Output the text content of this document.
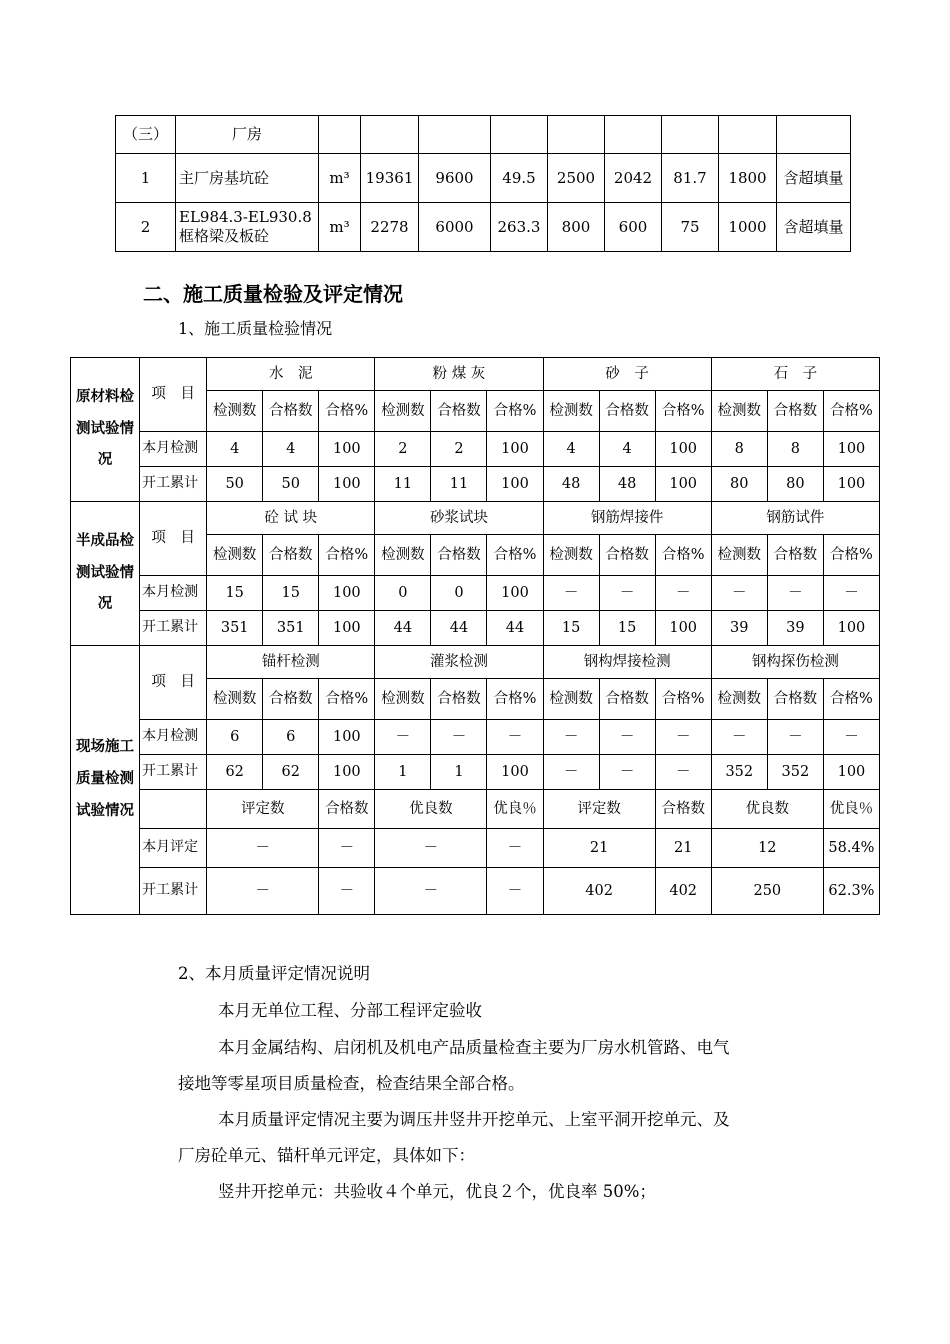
（三）	厂房									
1	主厂房基坑砼	m³	19361	9600	49.5	2500	2042	81.7	1800	含超填量
2	EL984.3-EL930.8框格梁及板砼	m³	2278	6000	263.3	800	600	75	1000	含超填量
二、施工质量检验及评定情况
1、施工质量检验情况
原材料检测试验情况	项　目	水　泥			粉 煤 灰			砂　子			石　子		
		检测数	合格数	合格%	检测数	合格数	合格%	检测数	合格数	合格%	检测数	合格数	合格%
	本月检测	4	4	100	2	2	100	4	4	100	8	8	100
	开工累计	50	50	100	11	11	100	48	48	100	80	80	100
半成品检测试验情况	项　目	砼 试 块			砂浆试块			钢筋焊接件			钢筋试件		
		检测数	合格数	合格%	检测数	合格数	合格%	检测数	合格数	合格%	检测数	合格数	合格%
	本月检测	15	15	100	0	0	100	－	－	－	－	－	－
	开工累计	351	351	100	44	44	44	15	15	100	39	39	100
现场施工质量检测试验情况	项　目	锚杆检测			灌浆检测			钢构焊接检测			钢构探伤检测		
		检测数	合格数	合格%	检测数	合格数	合格%	检测数	合格数	合格%	检测数	合格数	合格%
	本月检测	6	6	100	－	－	－	－	－	－	－	－	－
	开工累计	62	62	100	1	1	100	－	－	－	352	352	100
		评定数		合格数	优良数		优良％	评定数		合格数	优良数		优良％
	本月评定	－		－	－		－	21		21	12		58.4%
	开工累计	－		－	－		－	402		402	250		62.3%
2、本月质量评定情况说明
本月无单位工程、分部工程评定验收
本月金属结构、启闭机及机电产品质量检查主要为厂房水机管路、电气
接地等零星项目质量检查，检查结果全部合格。
本月质量评定情况主要为调压井竖井开挖单元、上室平洞开挖单元、及
厂房砼单元、锚杆单元评定，具体如下：
竖井开挖单元：共验收４个单元，优良２个，优良率 50%；
